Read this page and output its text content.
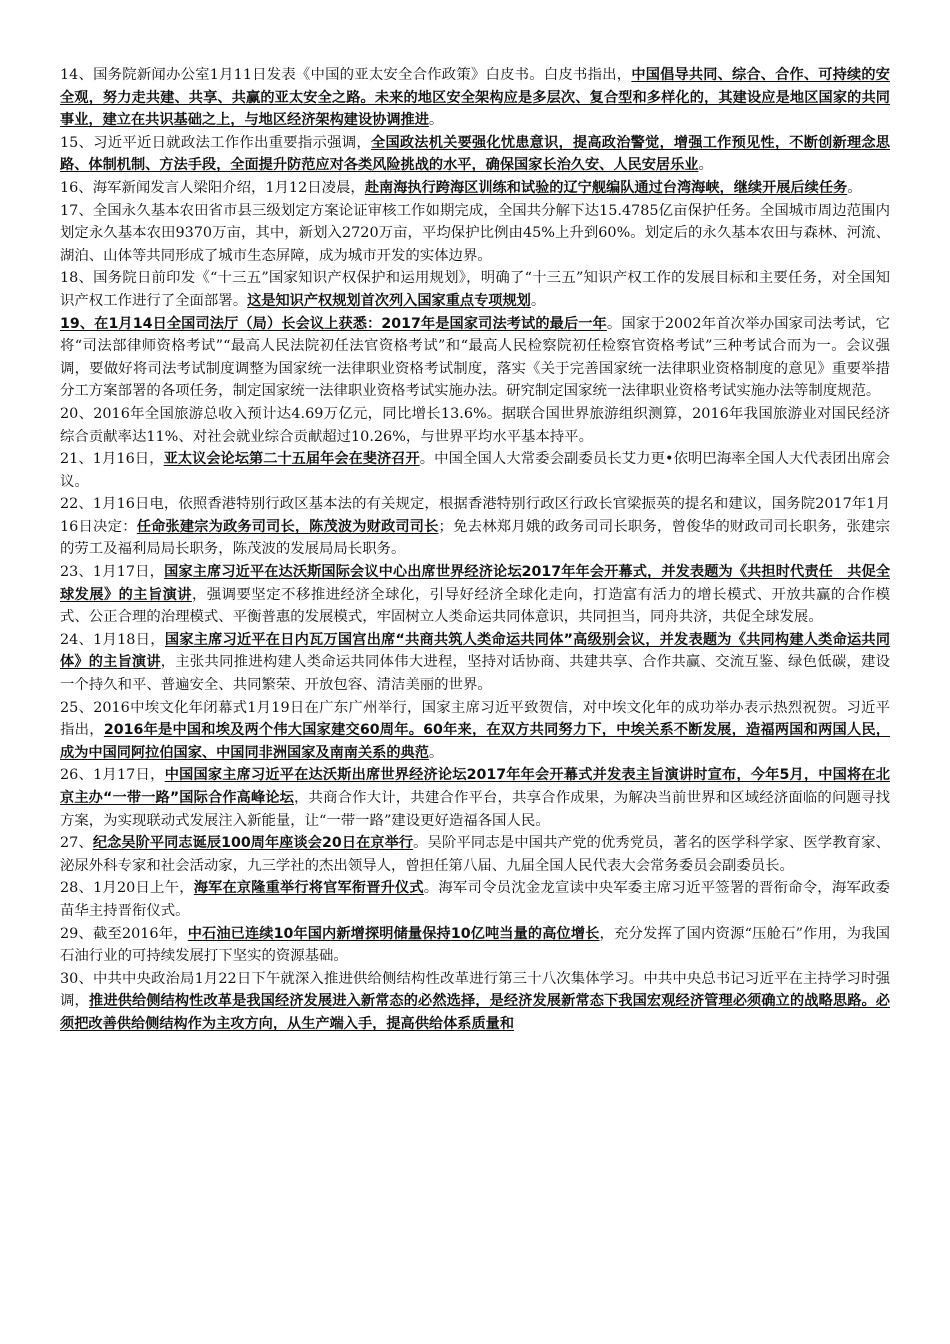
14、国务院新闻办公室1月11日发表《中国的亚太安全合作政策》白皮书。白皮书指出，中国倡导共同、综合、合作、可持续的安全观，努力走共建、共享、共赢的亚太安全之路。未来的地区安全架构应是多层次、复合型和多样化的，其建设应是地区国家的共同事业，建立在共识基础之上，与地区经济架构建设协调推进。

15、习近平近日就政法工作作出重要指示强调，全国政法机关要强化忧患意识，提高政治警觉，增强工作预见性，不断创新理念思路、体制机制、方法手段，全面提升防范应对各类风险挑战的水平，确保国家长治久安、人民安居乐业。

16、海军新闻发言人梁阳介绍，1月12日凌晨，赴南海执行跨海区训练和试验的辽宁舰编队通过台湾海峡，继续开展后续任务。

17、全国永久基本农田省市县三级划定方案论证审核工作如期完成，全国共分解下达15.4785亿亩保护任务。全国城市周边范围内划定永久基本农田9370万亩，其中，新划入2720万亩，平均保护比例由45%上升到60%。划定后的永久基本农田与森林、河流、湖泊、山体等共同形成了城市生态屏障，成为城市开发的实体边界。

18、国务院日前印发《“十三五”国家知识产权保护和运用规划》，明确了“十三五”知识产权工作的发展目标和主要任务，对全国知识产权工作进行了全面部署。这是知识产权规划首次列入国家重点专项规划。

19、在1月14日全国司法厅（局）长会议上获悉：2017年是国家司法考试的最后一年。国家于2002年首次举办国家司法考试，它将“司法部律师资格考试”“最高人民法院初任法官资格考试”和“最高人民检察院初任检察官资格考试”三种考试合而为一。会议强调，要做好将司法考试制度调整为国家统一法律职业资格考试制度，落实《关于完善国家统一法律职业资格制度的意见》重要举措分工方案部署的各项任务，制定国家统一法律职业资格考试实施办法。研究制定国家统一法律职业资格考试实施办法等制度规范。

20、2016年全国旅游总收入预计达4.69万亿元，同比增长13.6%。据联合国世界旅游组织测算，2016年我国旅游业对国民经济综合贡献率达11%、对社会就业综合贡献超过10.26%，与世界平均水平基本持平。

21、1月16日，亚太议会论坛第二十五届年会在斐济召开。中国全国人大常委会副委员长艾力更•依明巴海率全国人大代表团出席会议。

22、1月16日电，依照香港特别行政区基本法的有关规定，根据香港特别行政区行政长官梁振英的提名和建议，国务院2017年1月16日决定：任命张建宗为政务司司长，陈茂波为财政司司长；免去林郑月娥的政务司司长职务，曾俊华的财政司司长职务，张建宗的劳工及福利局局长职务，陈茂波的发展局局长职务。

23、1月17日，国家主席习近平在达沃斯国际会议中心出席世界经济论坛2017年年会开幕式，并发表题为《共担时代责任　共促全球发展》的主旨演讲，强调要坚定不移推进经济全球化，引导好经济全球化走向，打造富有活力的增长模式、开放共赢的合作模式、公正合理的治理模式、平衡普惠的发展模式，牢固树立人类命运共同体意识，共同担当，同舟共济，共促全球发展。

24、1月18日，国家主席习近平在日内瓦万国宫出席“共商共筑人类命运共同体”高级别会议，并发表题为《共同构建人类命运共同体》的主旨演讲，主张共同推进构建人类命运共同体伟大进程，坚持对话协商、共建共享、合作共赢、交流互鉴、绿色低碳，建设一个持久和平、普遍安全、共同繁荣、开放包容、清洁美丽的世界。

25、2016中埃文化年闭幕式1月19日在广东广州举行，国家主席习近平致贺信，对中埃文化年的成功举办表示热烈祝贺。习近平指出，2016年是中国和埃及两个伟大国家建交60周年。60年来，在双方共同努力下，中埃关系不断发展，造福两国和两国人民，成为中国同阿拉伯国家、中国同非洲国家及南南关系的典范。

26、1月17日，中国国家主席习近平在达沃斯出席世界经济论坛2017年年会开幕式并发表主旨演讲时宣布，今年5月，中国将在北京主办“一带一路”国际合作高峰论坛，共商合作大计，共建合作平台，共享合作成果，为解决当前世界和区域经济面临的问题寻找方案，为实现联动式发展注入新能量，让“一带一路”建设更好造福各国人民。

27、纪念吴阶平同志诞辰100周年座谈会20日在京举行。吴阶平同志是中国共产党的优秀党员，著名的医学科学家、医学教育家、泌尿外科专家和社会活动家，九三学社的杰出领导人，曾担任第八届、九届全国人民代表大会常务委员会副委员长。

28、1月20日上午，海军在京隆重举行将官军衔晋升仪式。海军司令员沈金龙宣读中央军委主席习近平签署的晋衔命令，海军政委苗华主持晋衔仪式。

29、截至2016年，中石油已连续10年国内新增探明储量保持10亿吨当量的高位增长，充分发挥了国内资源“压舱石”作用，为我国石油行业的可持续发展打下坚实的资源基础。

30、中共中央政治局1月22日下午就深入推进供给侧结构性改革进行第三十八次集体学习。中共中央总书记习近平在主持学习时强调，推进供给侧结构性改革是我国经济发展进入新常态的必然选择，是经济发展新常态下我国宏观经济管理必须确立的战略思路。必须把改善供给侧结构作为主攻方向，从生产端入手，提高供给体系质量和
